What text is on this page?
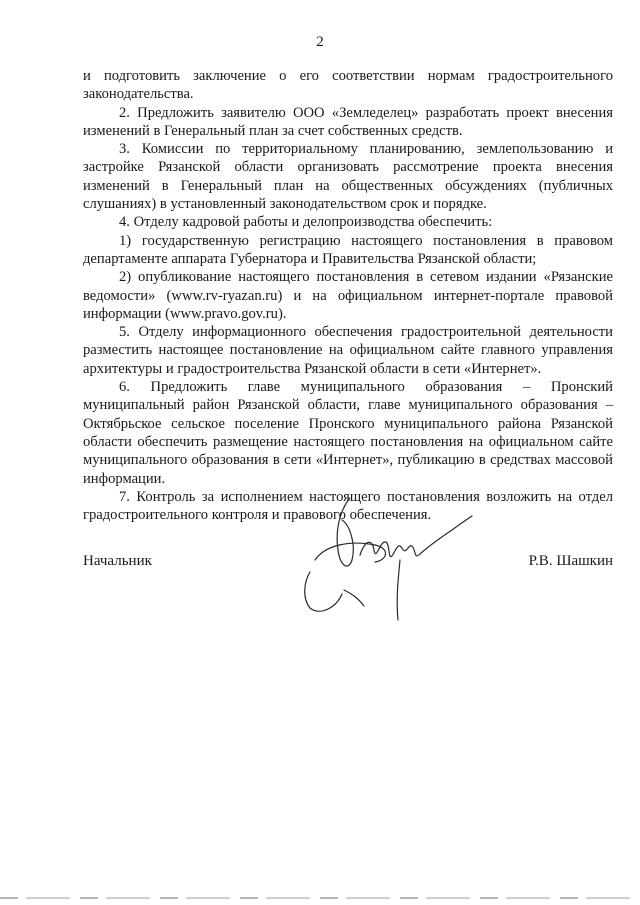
2

и подготовить заключение о его соответствии нормам градостроительного законодательства.

2. Предложить заявителю ООО «Земледелец» разработать проект внесения изменений в Генеральный план за счет собственных средств.

3. Комиссии по территориальному планированию, землепользованию и застройке Рязанской области организовать рассмотрение проекта внесения изменений в Генеральный план на общественных обсуждениях (публичных слушаниях) в установленный законодательством срок и порядке.

4. Отделу кадровой работы и делопроизводства обеспечить:

1) государственную регистрацию настоящего постановления в правовом департаменте аппарата Губернатора и Правительства Рязанской области;

2) опубликование настоящего постановления в сетевом издании «Рязанские ведомости» (www.rv-ryazan.ru) и на официальном интернет-портале правовой информации (www.pravo.gov.ru).

5. Отделу информационного обеспечения градостроительной деятельности разместить настоящее постановление на официальном сайте главного управления архитектуры и градостроительства Рязанской области в сети «Интернет».

6. Предложить главе муниципального образования – Пронский муниципальный район Рязанской области, главе муниципального образования – Октябрьское сельское поселение Пронского муниципального района Рязанской области обеспечить размещение настоящего постановления на официальном сайте муниципального образования в сети «Интернет», публикацию в средствах массовой информации.

7. Контроль за исполнением настоящего постановления возложить на отдел градостроительного контроля и правового обеспечения.

Начальник	Р.В. Шашкин
